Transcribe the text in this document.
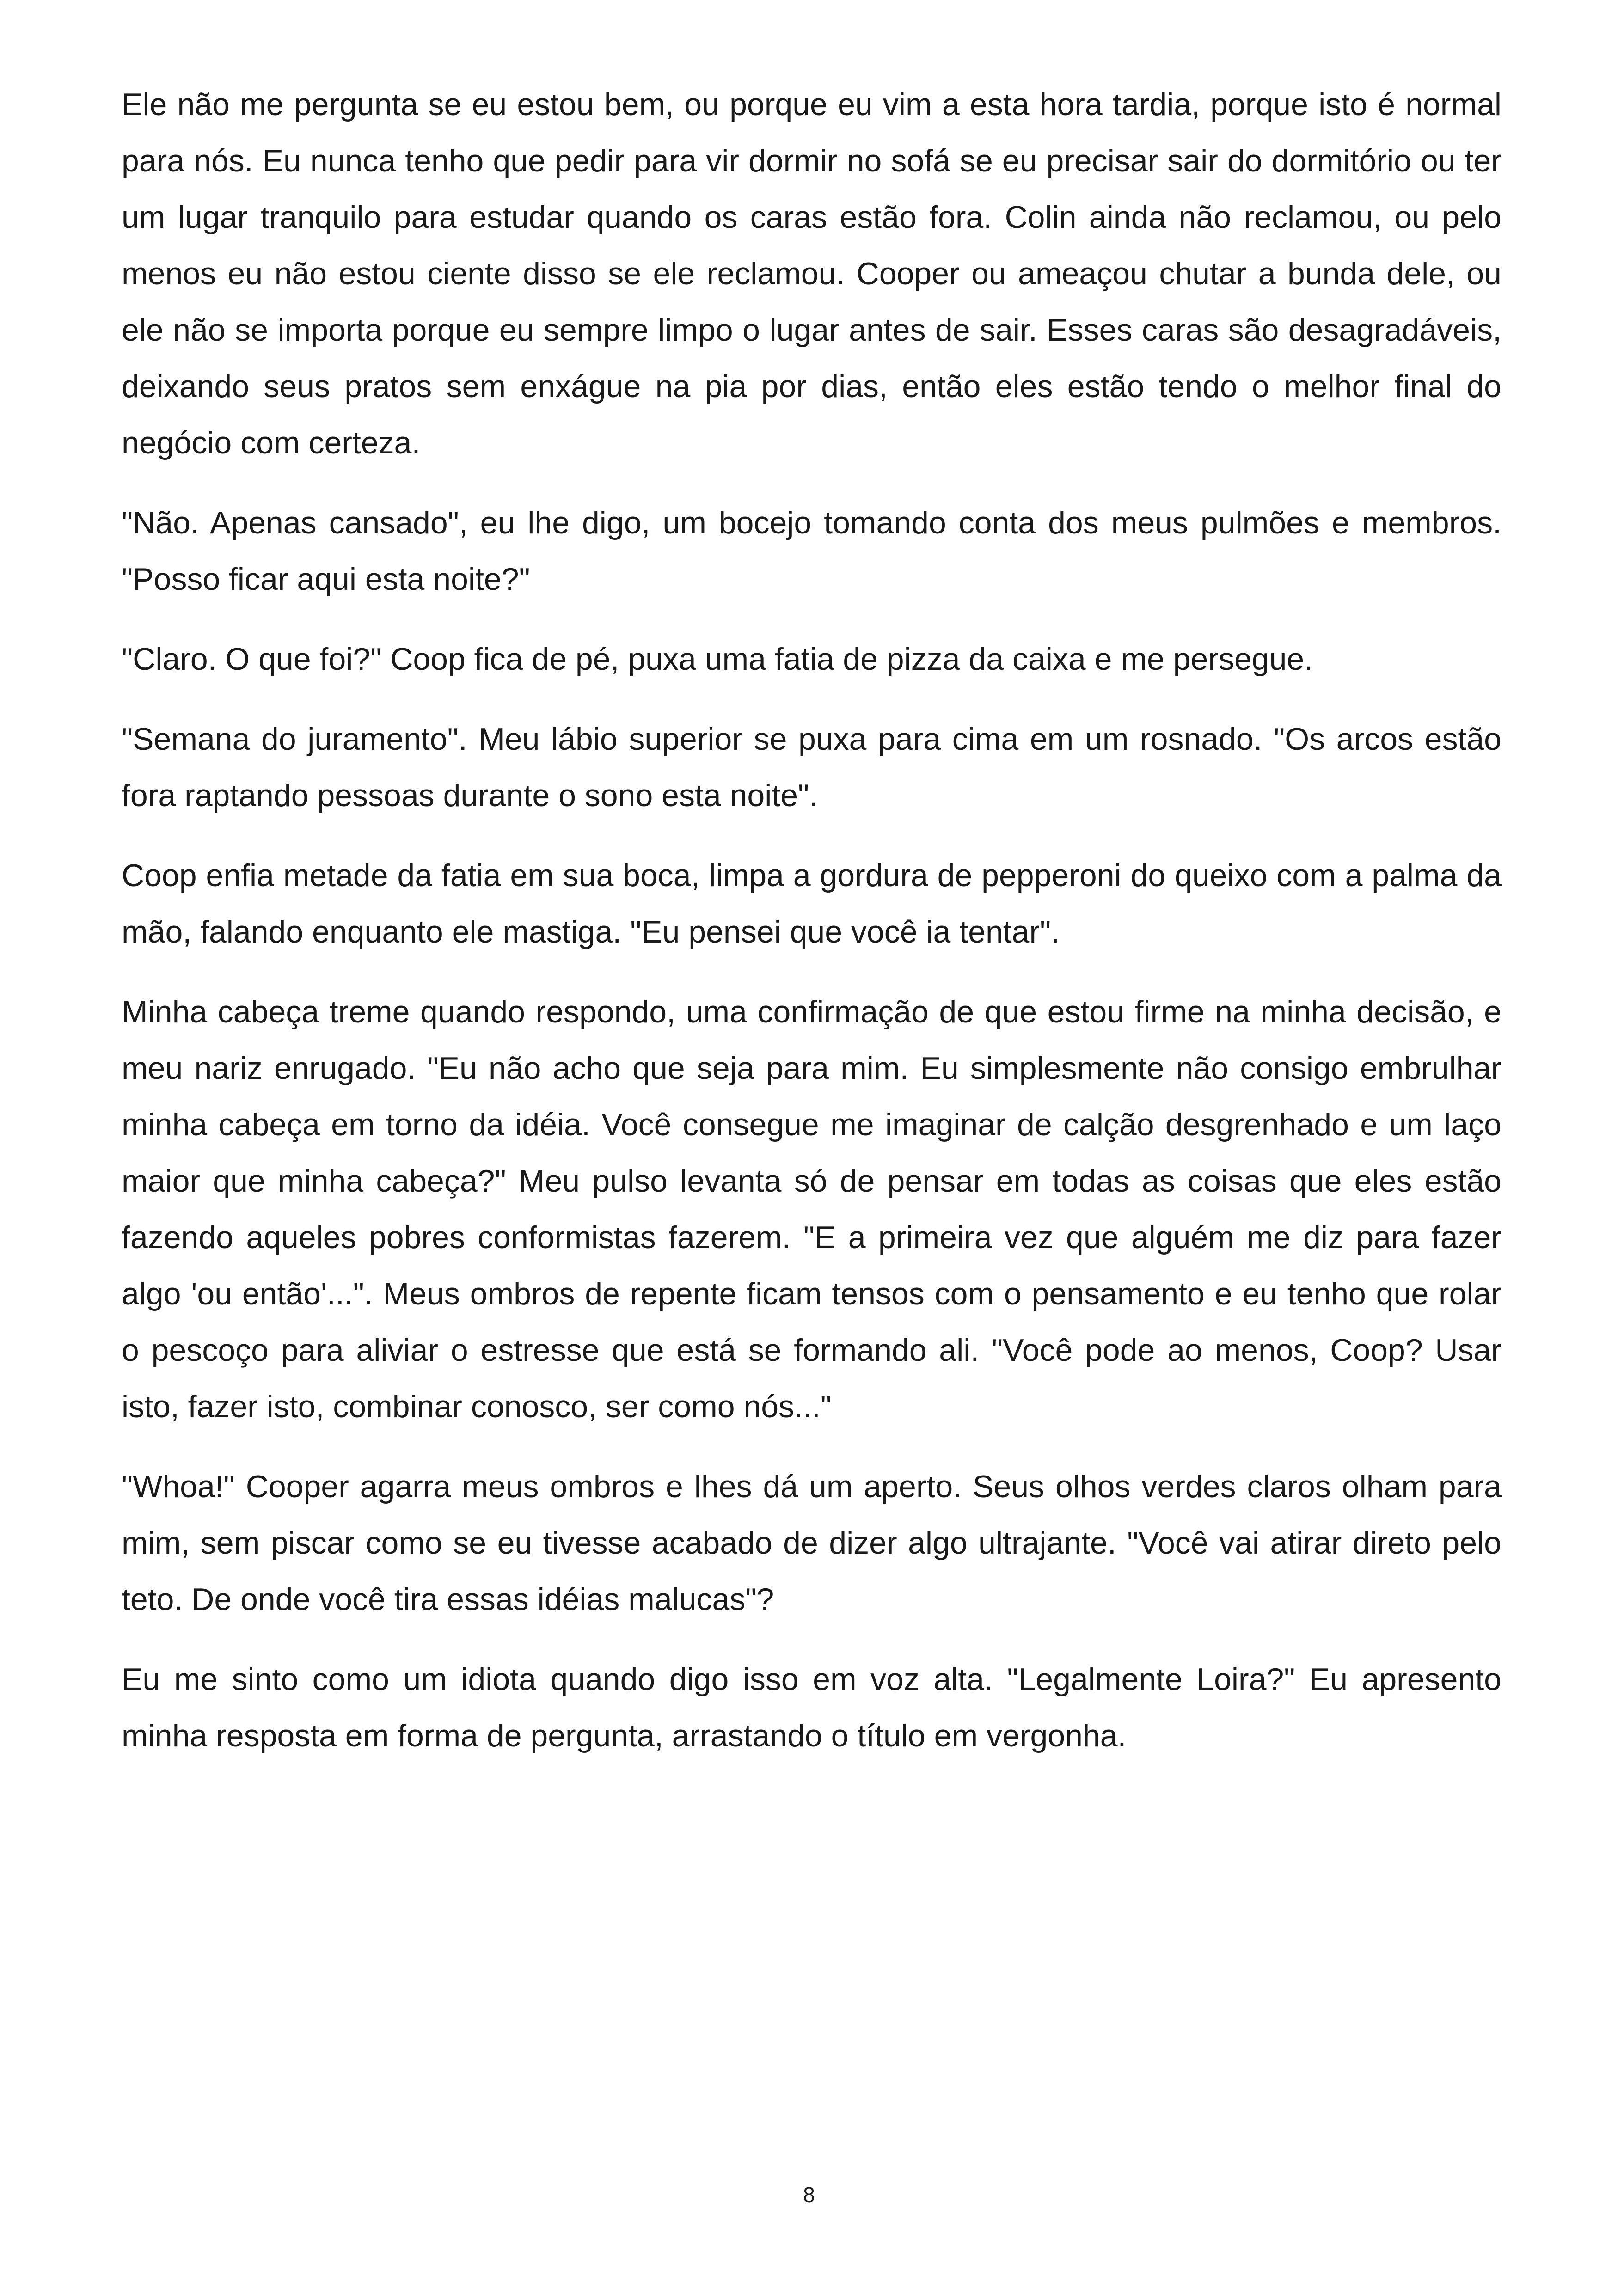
Ele não me pergunta se eu estou bem, ou porque eu vim a esta hora tardia, porque isto é normal para nós. Eu nunca tenho que pedir para vir dormir no sofá se eu precisar sair do dormitório ou ter um lugar tranquilo para estudar quando os caras estão fora. Colin ainda não reclamou, ou pelo menos eu não estou ciente disso se ele reclamou. Cooper ou ameaçou chutar a bunda dele, ou ele não se importa porque eu sempre limpo o lugar antes de sair. Esses caras são desagradáveis, deixando seus pratos sem enxágue na pia por dias, então eles estão tendo o melhor final do negócio com certeza.

"Não. Apenas cansado", eu lhe digo, um bocejo tomando conta dos meus pulmões e membros. "Posso ficar aqui esta noite?"

"Claro. O que foi?" Coop fica de pé, puxa uma fatia de pizza da caixa e me persegue.

"Semana do juramento". Meu lábio superior se puxa para cima em um rosnado. "Os arcos estão fora raptando pessoas durante o sono esta noite".

Coop enfia metade da fatia em sua boca, limpa a gordura de pepperoni do queixo com a palma da mão, falando enquanto ele mastiga. "Eu pensei que você ia tentar".

Minha cabeça treme quando respondo, uma confirmação de que estou firme na minha decisão, e meu nariz enrugado. "Eu não acho que seja para mim. Eu simplesmente não consigo embrulhar minha cabeça em torno da idéia. Você consegue me imaginar de calção desgrenhado e um laço maior que minha cabeça?" Meu pulso levanta só de pensar em todas as coisas que eles estão fazendo aqueles pobres conformistas fazerem. "E a primeira vez que alguém me diz para fazer algo 'ou então'...". Meus ombros de repente ficam tensos com o pensamento e eu tenho que rolar o pescoço para aliviar o estresse que está se formando ali. "Você pode ao menos, Coop? Usar isto, fazer isto, combinar conosco, ser como nós..."

"Whoa!" Cooper agarra meus ombros e lhes dá um aperto. Seus olhos verdes claros olham para mim, sem piscar como se eu tivesse acabado de dizer algo ultrajante. "Você vai atirar direto pelo teto. De onde você tira essas idéias malucas"?

Eu me sinto como um idiota quando digo isso em voz alta. "Legalmente Loira?" Eu apresento minha resposta em forma de pergunta, arrastando o título em vergonha.

8
